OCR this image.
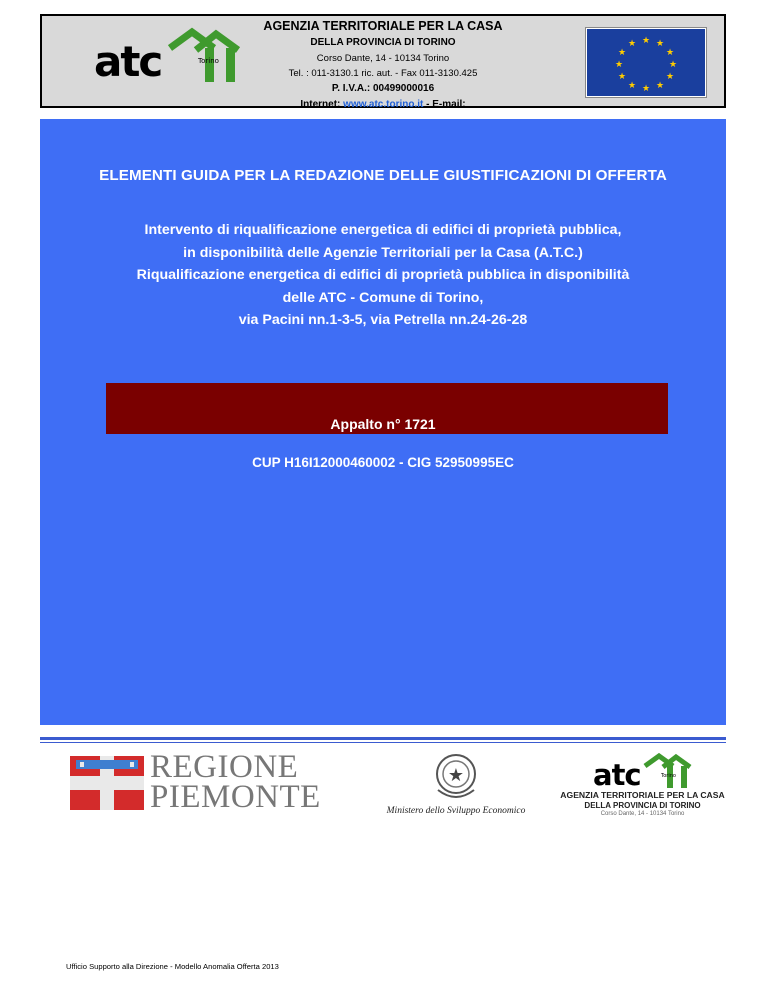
atc	Torino
AGENZIA TERRITORIALE PER LA CASA
DELLA PROVINCIA DI TORINO
Corso Dante, 14 - 10134 Torino
Tel. : 011-3130.1 ric. aut. - Fax 011-3130.425
P. I.V.A.: 00499000016
Internet: www.atc.torino.it - E-mail:
★ ★
★
★
★
★
★
★
★
★
★
★
ELEMENTI GUIDA PER LA REDAZIONE DELLE GIUSTIFICAZIONI DI OFFERTA
Intervento di riqualificazione energetica di edifici di proprietà pubblica,
in disponibilità delle Agenzie Territoriali per la Casa (A.T.C.)
Riqualificazione energetica di edifici di proprietà pubblica in disponibilità
delle ATC - Comune di Torino,
via Pacini nn.1-3-5, via Petrella nn.24-26-28
Appalto n° 1721
CUP H16I12000460002 - CIG 52950995EC
REGIONE
PIEMONTE
★
Ministero dello Sviluppo Economico
atc	Torino
AGENZIA TERRITORIALE PER LA CASA
DELLA PROVINCIA DI TORINO
Corso Dante, 14 - 10134 Torino
Ufficio Supporto alla Direzione - Modello Anomalia Offerta 2013
